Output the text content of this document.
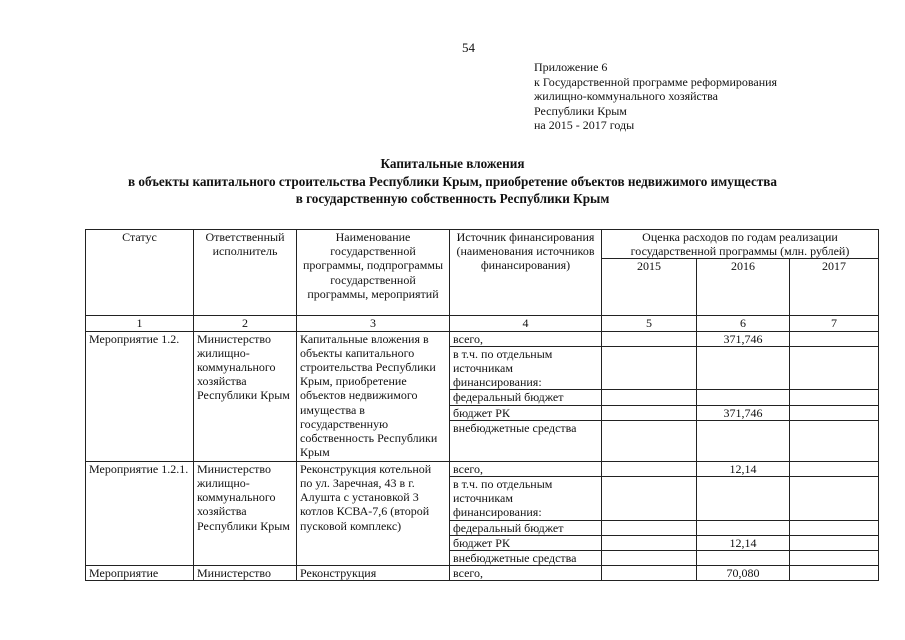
54
Приложение 6
к Государственной программе реформирования
жилищно-коммунального хозяйства
Республики Крым
на 2015 - 2017 годы
Капитальные вложения
в объекты капитального строительства Республики Крым, приобретение объектов недвижимого имущества
в государственную собственность Республики Крым
Статус	Ответственный исполнитель	Наименование государственной программы, подпрограммы государственной программы, мероприятий	Источник финансирования (наименования источников финансирования)	Оценка расходов по годам реализации государственной программы (млн. рублей)		
				2015	2016	2017
1	2	3	4	5	6	7
Мероприятие 1.2.	Министерство жилищно-коммунального хозяйства Республики Крым	Капитальные вложения в объекты капитального строительства Республики Крым, приобретение объектов недвижимого имущества в государственную собственность Республики Крым	всего,		371,746	
			в т.ч. по отдельным источникам финансирования:			
			федеральный бюджет			
			бюджет РК		371,746	
			внебюджетные средства			
Мероприятие 1.2.1.	Министерство жилищно-коммунального хозяйства Республики Крым	Реконструкция котельной по ул. Заречная, 43 в г. Алушта с установкой 3 котлов КСВА-7,6 (второй пусковой комплекс)	всего,		12,14	
			в т.ч. по отдельным источникам финансирования:			
			федеральный бюджет			
			бюджет РК		12,14	
			внебюджетные средства			
Мероприятие	Министерство	Реконструкция	всего,		70,080	
